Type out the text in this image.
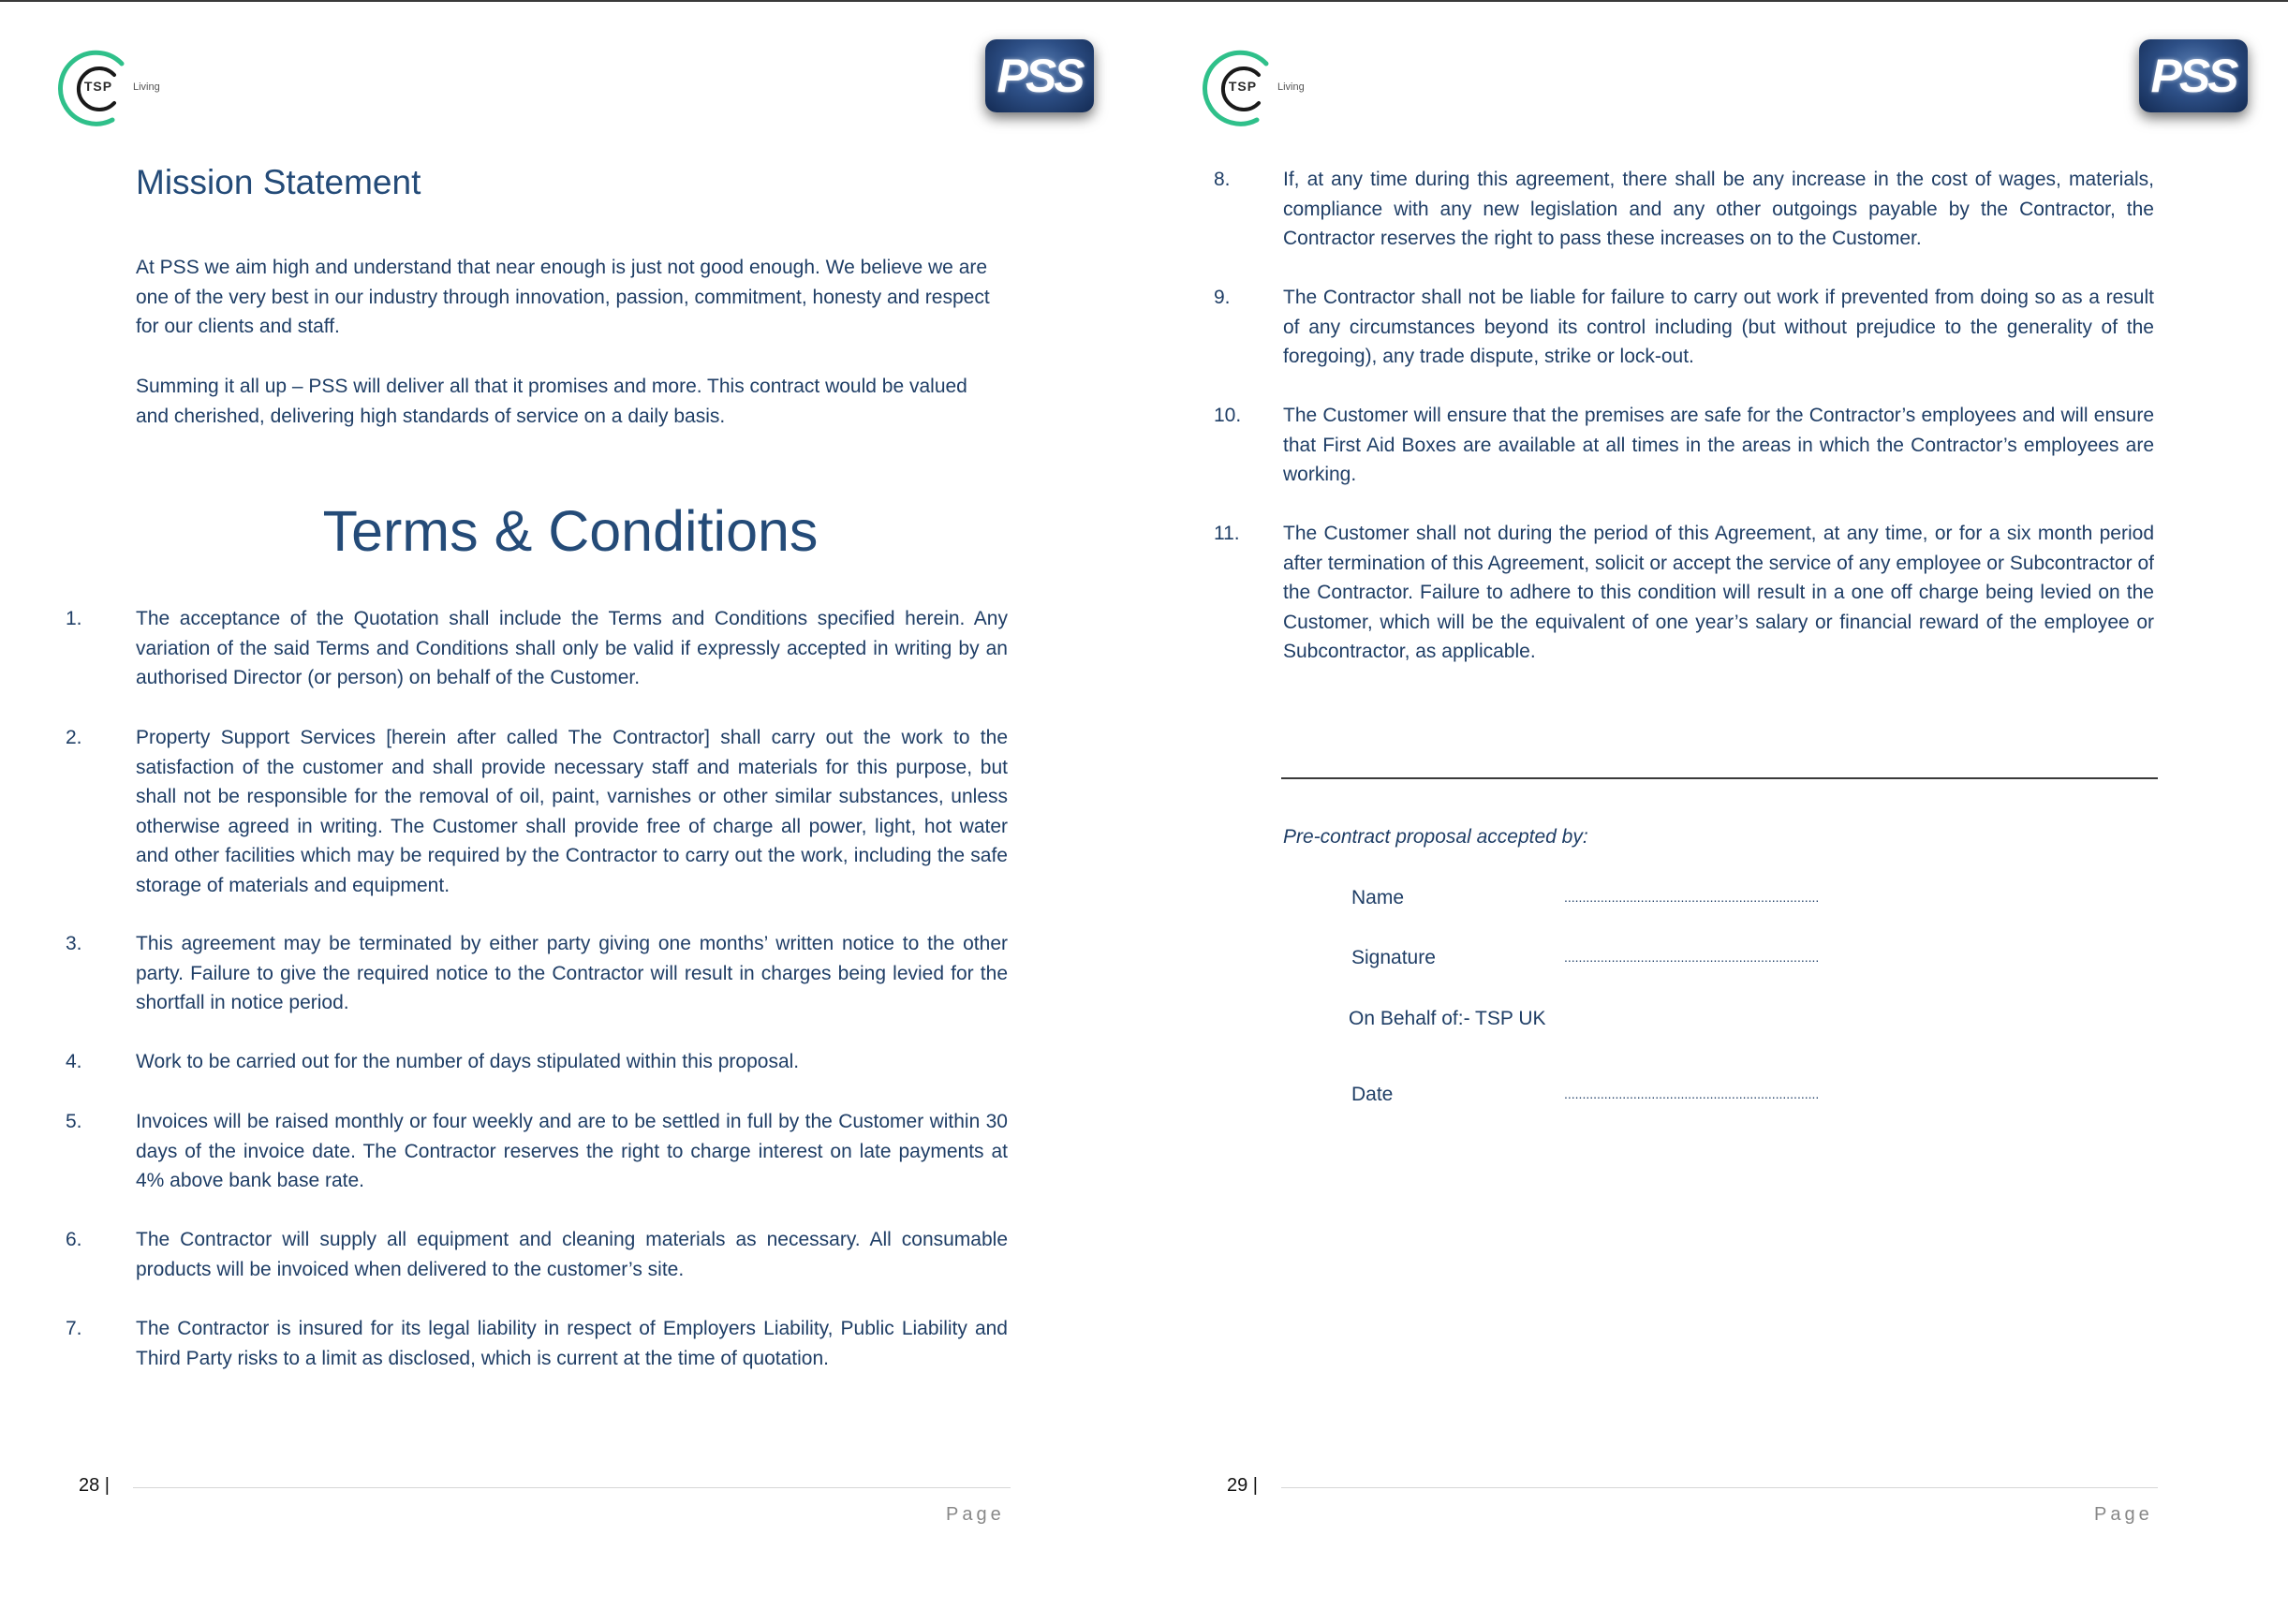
TSP Living	PSS
Mission Statement

At PSS we aim high and understand that near enough is just not good enough. We believe we are one of the very best in our industry through innovation, passion, commitment, honesty and respect for our clients and staff.

Summing it all up – PSS will deliver all that it promises and more. This contract would be valued and cherished, delivering high standards of service on a daily basis.

Terms & Conditions
1.	The acceptance of the Quotation shall include the Terms and Conditions specified herein. Any variation of the said Terms and Conditions shall only be valid if expressly accepted in writing by an authorised Director (or person) on behalf of the Customer.
2.	Property Support Services [herein after called The Contractor] shall carry out the work to the satisfaction of the customer and shall provide necessary staff and materials for this purpose, but shall not be responsible for the removal of oil, paint, varnishes or other similar substances, unless otherwise agreed in writing. The Customer shall provide free of charge all power, light, hot water and other facilities which may be required by the Contractor to carry out the work, including the safe storage of materials and equipment.
3.	This agreement may be terminated by either party giving one months’ written notice to the other party. Failure to give the required notice to the Contractor will result in charges being levied for the shortfall in notice period.
4.	Work to be carried out for the number of days stipulated within this proposal.
5.	Invoices will be raised monthly or four weekly and are to be settled in full by the Customer within 30 days of the invoice date. The Contractor reserves the right to charge interest on late payments at 4% above bank base rate.
6.	The Contractor will supply all equipment and cleaning materials as necessary. All consumable products will be invoiced when delivered to the customer’s site.
7.	The Contractor is insured for its legal liability in respect of Employers Liability, Public Liability and Third Party risks to a limit as disclosed, which is current at the time of quotation.
28 |
Page
TSP Living	PSS
8.	If, at any time during this agreement, there shall be any increase in the cost of wages, materials, compliance with any new legislation and any other outgoings payable by the Contractor, the Contractor reserves the right to pass these increases on to the Customer.
9.	The Contractor shall not be liable for failure to carry out work if prevented from doing so as a result of any circumstances beyond its control including (but without prejudice to the generality of the foregoing), any trade dispute, strike or lock-out.
10. The Customer will ensure that the premises are safe for the Contractor’s employees and will ensure that First Aid Boxes are available at all times in the areas in which the Contractor’s employees are working.
11. The Customer shall not during the period of this Agreement, at any time, or for a six month period after termination of this Agreement, solicit or accept the service of any employee or Subcontractor of the Contractor. Failure to adhere to this condition will result in a one off charge being levied on the Customer, which will be the equivalent of one year’s salary or financial reward of the employee or Subcontractor, as applicable.

Pre-contract proposal accepted by:

Name	......................................................................
Signature	......................................................................
On Behalf of:- TSP UK
Date	......................................................................
29 |
Page
